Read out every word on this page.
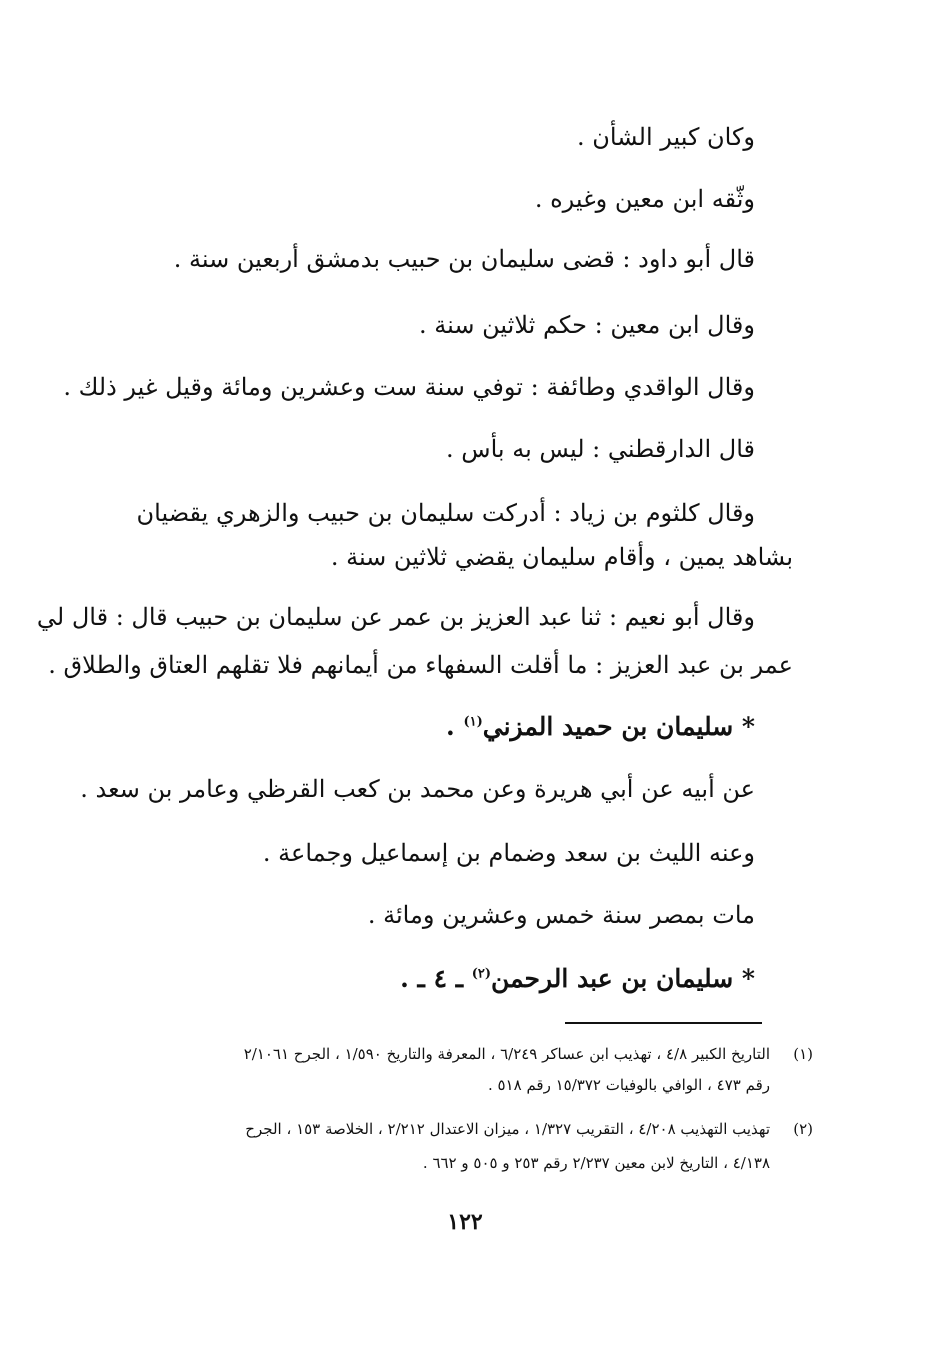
وكان كبير الشأن .
وثّقه ابن معين وغيره .
قال أبو داود : قضى سليمان بن حبيب بدمشق أربعين سنة .
وقال ابن معين : حكم ثلاثين سنة .
وقال الواقدي وطائفة : توفي سنة ست وعشرين ومائة وقيل غير ذلك .
قال الدارقطني : ليس به بأس .
وقال كلثوم بن زياد : أدركت سليمان بن حبيب والزهري يقضيان
بشاهد يمين ، وأقام سليمان يقضي ثلاثين سنة .
وقال أبو نعيم : ثنا عبد العزيز بن عمر عن سليمان بن حبيب قال : قال لي
عمر بن عبد العزيز : ما أقلت السفهاء من أيمانهم فلا تقلهم العتاق والطلاق .
* سليمان بن حميد المزني$^{(١)}$ .
عن أبيه عن أبي هريرة وعن محمد بن كعب القرظي وعامر بن سعد .
وعنه الليث بن سعد وضمام بن إسماعيل وجماعة .
مات بمصر سنة خمس وعشرين ومائة .
* سليمان بن عبد الرحمن$^{(٢)}$ ـ ٤ ـ .
(١)
التاريخ الكبير ٤/٨ ، تهذيب ابن عساكر ٦/٢٤٩ ، المعرفة والتاريخ ١/٥٩٠ ، الجرح ٢/١٠٦١
رقم ٤٧٣ ، الوافي بالوفيات ١٥/٣٧٢ رقم ٥١٨ .
(٢)
تهذيب التهذيب ٤/٢٠٨ ، التقريب ١/٣٢٧ ، ميزان الاعتدال ٢/٢١٢ ، الخلاصة ١٥٣ ، الجرح
٤/١٣٨ ، التاريخ لابن معين ٢/٢٣٧ رقم ٢٥٣ و ٥٠٥ و ٦٦٢ .
١٢٢
